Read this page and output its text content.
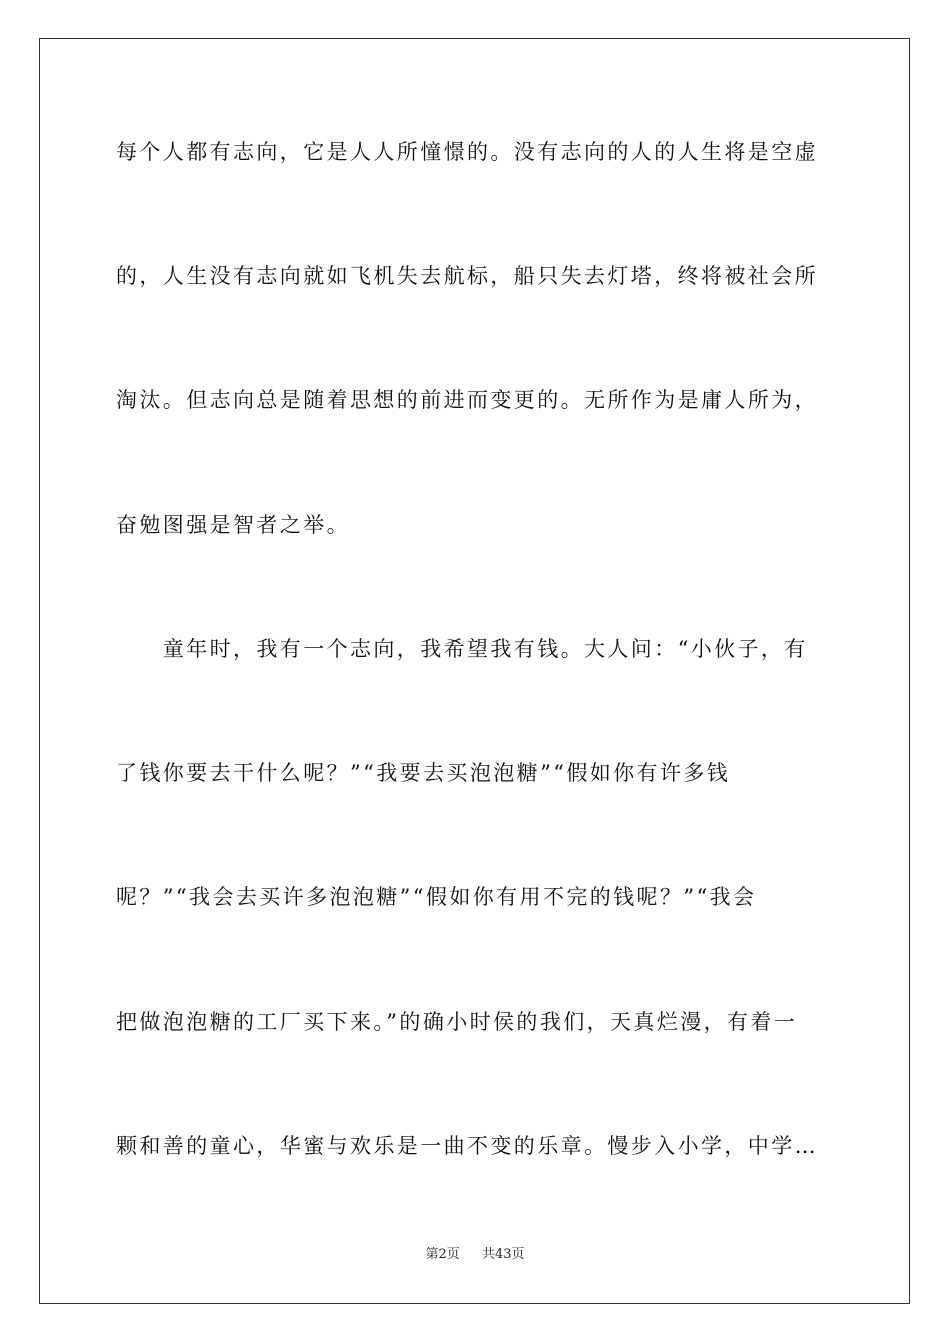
每个人都有志向，它是人人所憧憬的。没有志向的人的人生将是空虚
的，人生没有志向就如飞机失去航标，船只失去灯塔，终将被社会所
淘汰。但志向总是随着思想的前进而变更的。无所作为是庸人所为，
奋勉图强是智者之举。
　　童年时，我有一个志向，我希望我有钱。大人问：“小伙子，有
了钱你要去干什么呢？”“我要去买泡泡糖”“假如你有许多钱
呢？”“我会去买许多泡泡糖”“假如你有用不完的钱呢？”“我会
把做泡泡糖的工厂买下来。”的确小时侯的我们，天真烂漫，有着一
颗和善的童心，华蜜与欢乐是一曲不变的乐章。慢步入小学，中学…
第2页 共43页
